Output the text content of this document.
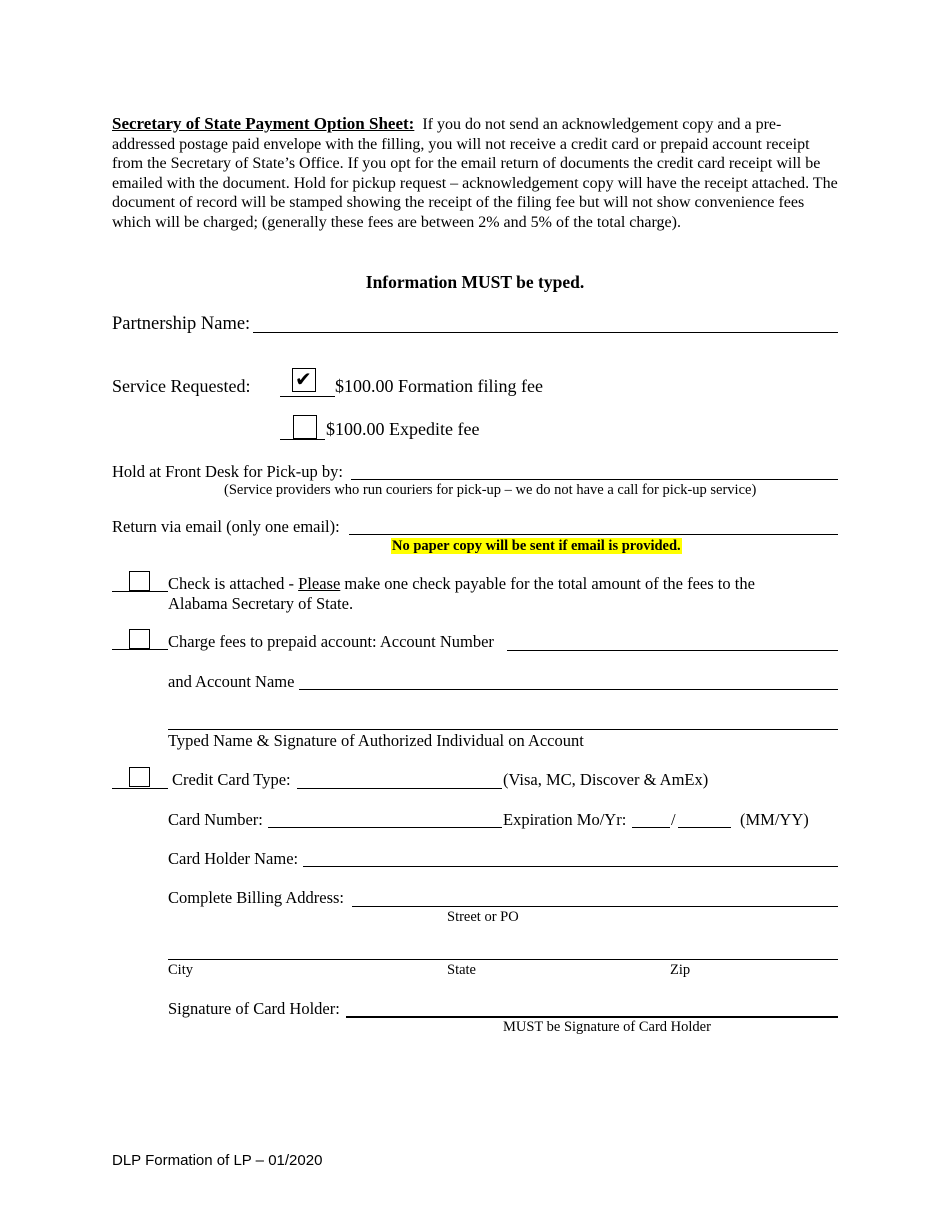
Secretary of State Payment Option Sheet: If you do not send an acknowledgement copy and a pre-addressed postage paid envelope with the filling, you will not receive a credit card or prepaid account receipt from the Secretary of State’s Office. If you opt for the email return of documents the credit card receipt will be emailed with the document. Hold for pickup request – acknowledgement copy will have the receipt attached. The document of record will be stamped showing the receipt of the filing fee but will not show convenience fees which will be charged; (generally these fees are between 2% and 5% of the total charge).
Information MUST be typed.
Partnership Name:
Service Requested: ✔ $100.00 Formation filing fee
$100.00 Expedite fee
Hold at Front Desk for Pick-up by:
(Service providers who run couriers for pick-up – we do not have a call for pick-up service)
Return via email (only one email):
No paper copy will be sent if email is provided.
Check is attached - Please make one check payable for the total amount of the fees to the
Alabama Secretary of State.
Charge fees to prepaid account: Account Number
and Account Name
Typed Name & Signature of Authorized Individual on Account
Credit Card Type:	(Visa, MC, Discover & AmEx)
Card Number:	Expiration Mo/Yr:	/	(MM/YY)
Card Holder Name:
Complete Billing Address:
Street or PO
City	State	Zip
Signature of Card Holder:
MUST be Signature of Card Holder
DLP Formation of LP – 01/2020
